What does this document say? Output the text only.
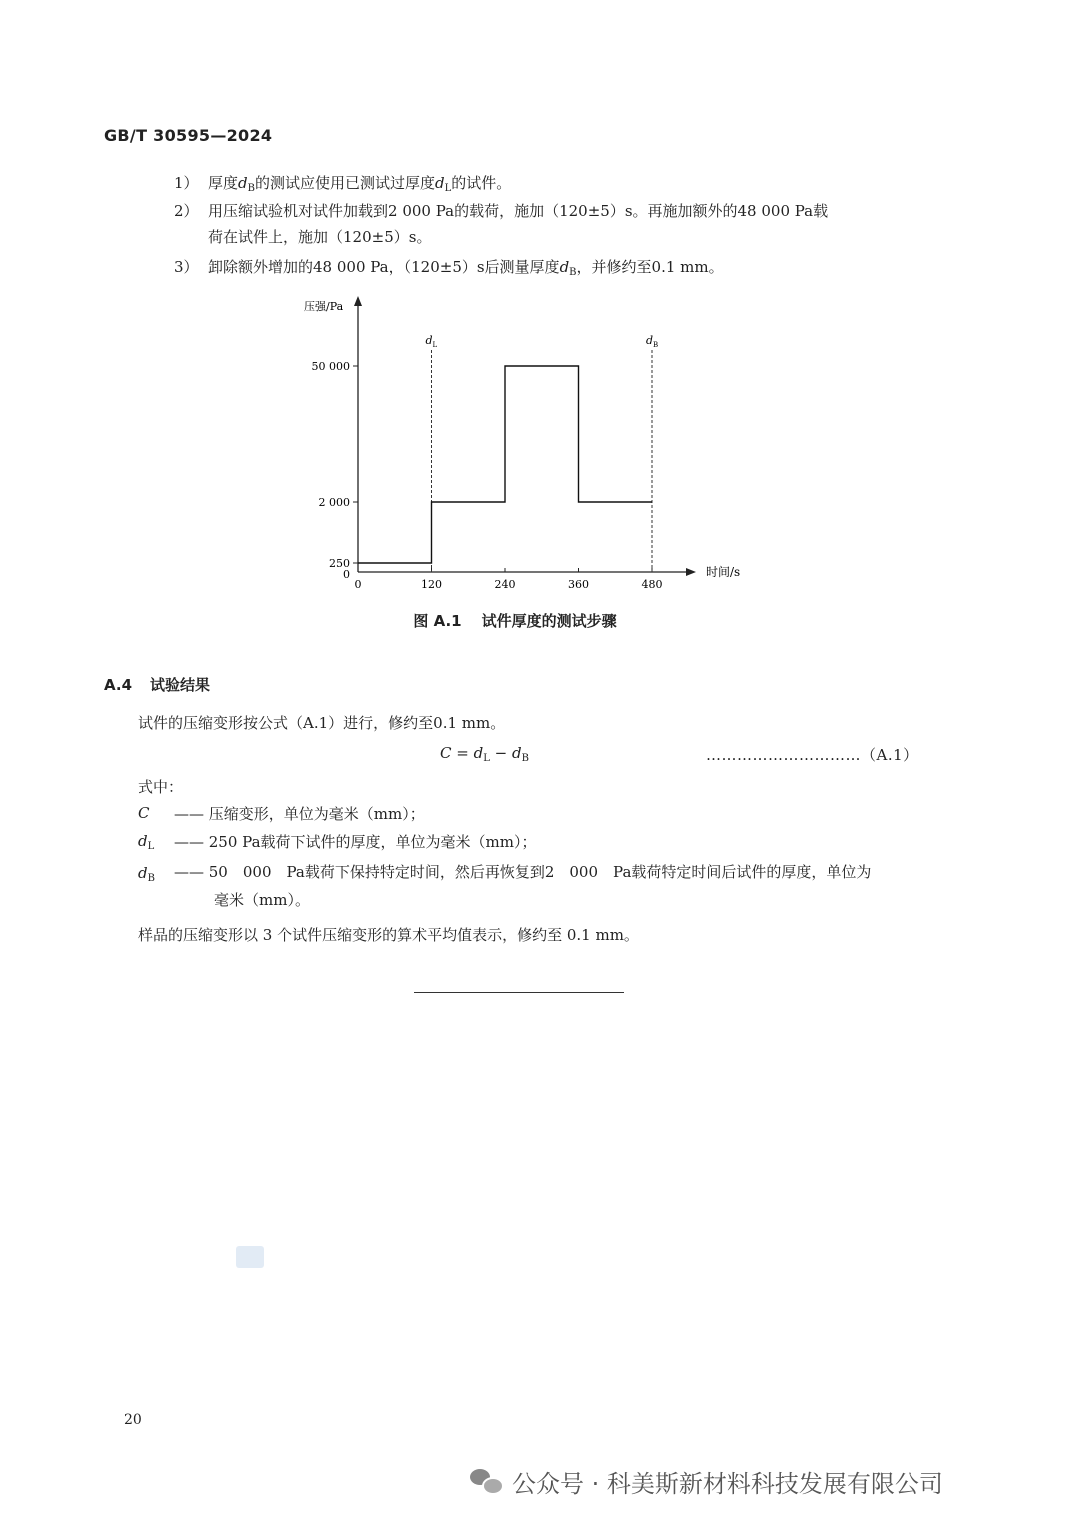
GB/T 30595—2024
1） 厚度$d_B$的测试应使用已测试过厚度$d_L$的试件。
2） 用压缩试验机对试件加载到2 000 Pa的载荷，施加（120±5）s。再施加额外的48 000 Pa载
荷在试件上，施加（120±5）s。
3） 卸除额外增加的48 000 Pa，（120±5）s后测量厚度$d_B$，并修约至0.1 mm。
压强/Pa
时间/s
0	120	240	360	480
0
250
2 000
50 000
$d_L$	$d_B$
图 A.1 试件厚度的测试步骤
A.4 试验结果
试件的压缩变形按公式（A.1）进行，修约至0.1 mm。
$C = d_L - d_B$	…………………………（A.1）
式中：
C	—— 压缩变形，单位为毫米（mm）；
$d_L$	—— 250 Pa载荷下试件的厚度，单位为毫米（mm）；
$d_B$	—— 50　000　Pa载荷下保持特定时间，然后再恢复到2　000　Pa载荷特定时间后试件的厚度，单位为
毫米（mm）。
样品的压缩变形以 3 个试件压缩变形的算术平均值表示，修约至 0.1 mm。
20
公众号 · 科美斯新材料科技发展有限公司
